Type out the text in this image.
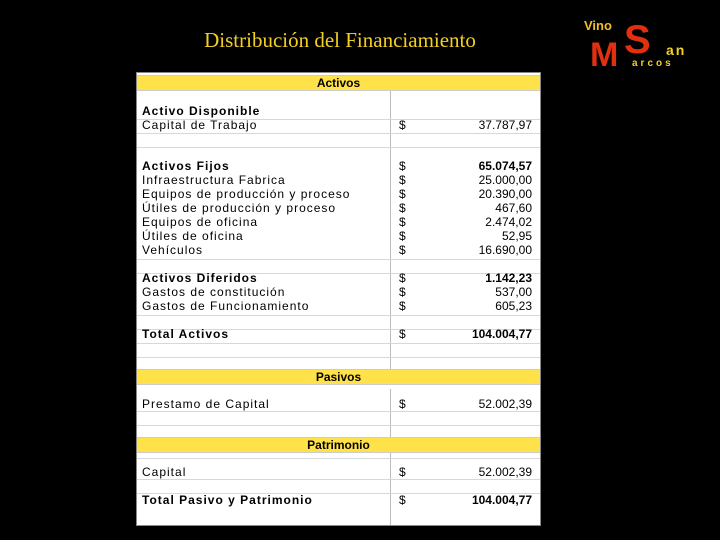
Distribución del Financiamiento
Vino S
M	an
arcos
Activos
Activo Disponible
Capital de Trabajo	$	37.787,97
Activos Fijos	$	65.074,57
Infraestructura Fabrica	$	25.000,00
Equipos de producción y proceso	$	20.390,00
Útiles de producción y proceso	$	467,60
Equipos de oficina	$	2.474,02
Útiles de oficina	$	52,95
Vehículos	$	16.690,00
Activos Diferidos	$	1.142,23
Gastos de constitución	$	537,00
Gastos de Funcionamiento	$	605,23
Total Activos	$	104.004,77
Pasivos
Prestamo de Capital	$	52.002,39
Patrimonio
Capital	$	52.002,39
Total Pasivo y Patrimonio	$	104.004,77
